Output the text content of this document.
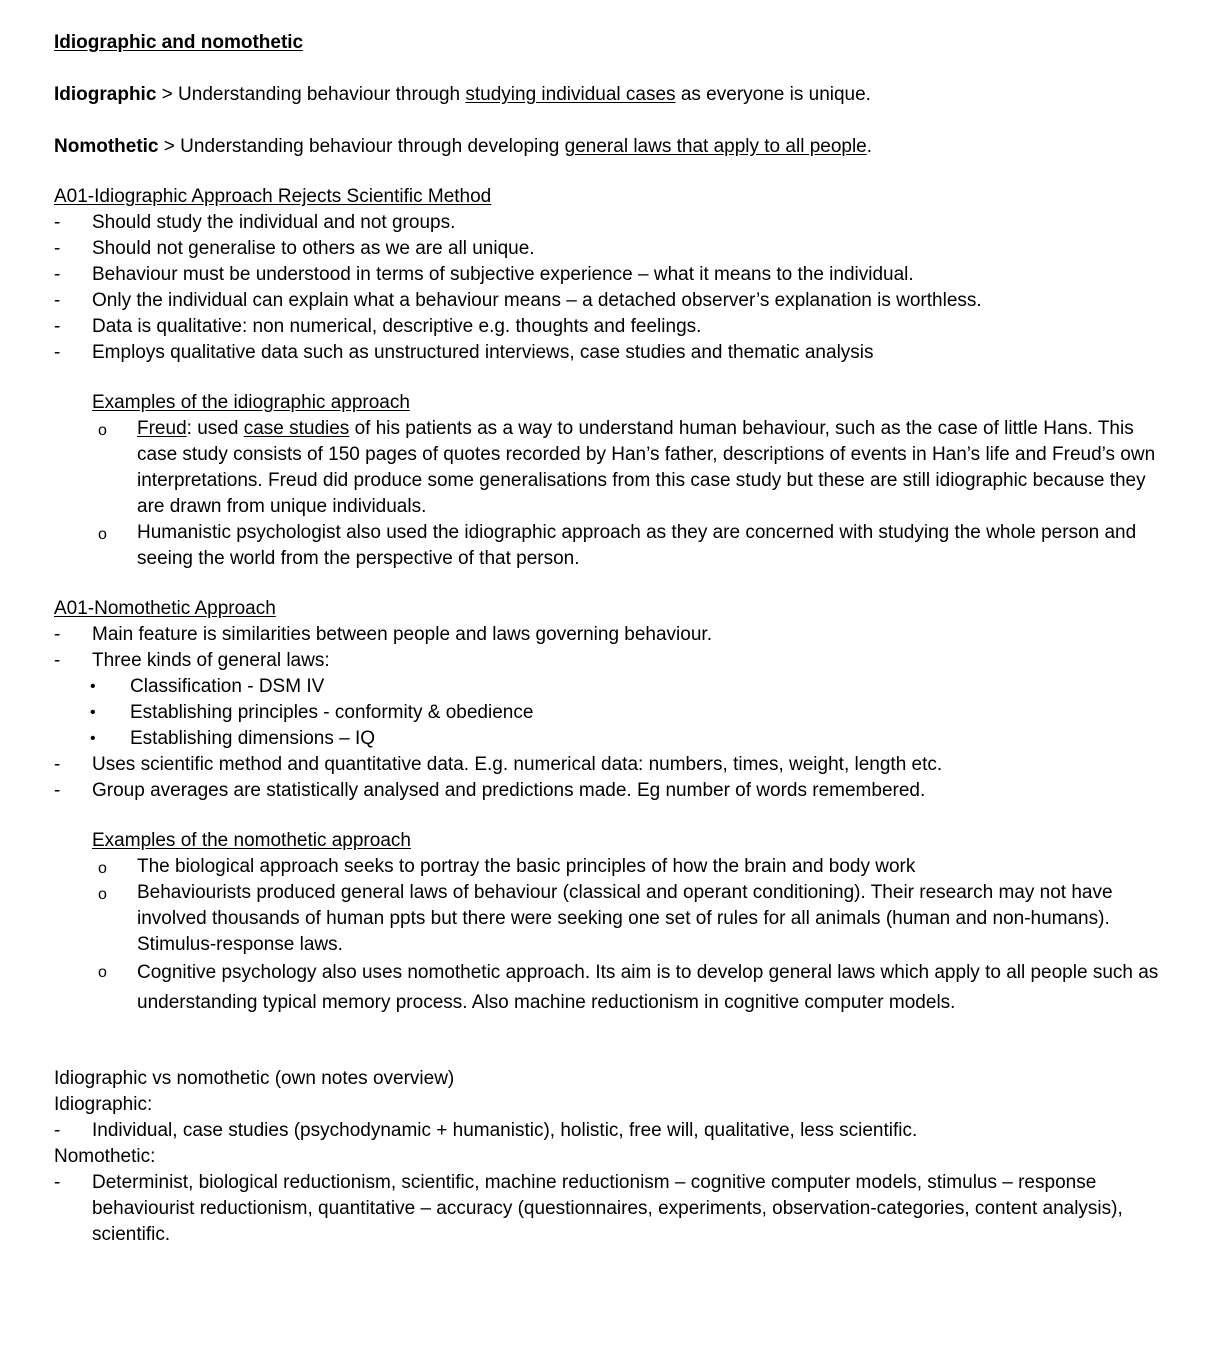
Idiographic and nomothetic
Idiographic > Understanding behaviour through studying individual cases as everyone is unique.
Nomothetic > Understanding behaviour through developing general laws that apply to all people.
A01-Idiographic Approach Rejects Scientific Method
-	Should study the individual and not groups.
-	Should not generalise to others as we are all unique.
-	Behaviour must be understood in terms of subjective experience – what it means to the individual.
-	Only the individual can explain what a behaviour means – a detached observer’s explanation is worthless.
-	Data is qualitative: non numerical, descriptive e.g. thoughts and feelings.
-	Employs qualitative data such as unstructured interviews, case studies and thematic analysis
Examples of the idiographic approach
o Freud: used case studies of his patients as a way to understand human behaviour, such as the case of little Hans. This case study consists of 150 pages of quotes recorded by Han’s father, descriptions of events in Han’s life and Freud’s own interpretations. Freud did produce some generalisations from this case study but these are still idiographic because they are drawn from unique individuals.
o Humanistic psychologist also used the idiographic approach as they are concerned with studying the whole person and seeing the world from the perspective of that person.
A01-Nomothetic Approach
-	Main feature is similarities between people and laws governing behaviour.
-	Three kinds of general laws:
• Classification - DSM IV
• Establishing principles - conformity & obedience
• Establishing dimensions – IQ
-	Uses scientific method and quantitative data. E.g. numerical data: numbers, times, weight, length etc.
-	Group averages are statistically analysed and predictions made. Eg number of words remembered.
Examples of the nomothetic approach
o The biological approach seeks to portray the basic principles of how the brain and body work
o Behaviourists produced general laws of behaviour (classical and operant conditioning). Their research may not have involved thousands of human ppts but there were seeking one set of rules for all animals (human and non-humans). Stimulus-response laws.
o Cognitive psychology also uses nomothetic approach. Its aim is to develop general laws which apply to all people such as understanding typical memory process. Also machine reductionism in cognitive computer models.
Idiographic vs nomothetic (own notes overview)
Idiographic:
-	Individual, case studies (psychodynamic + humanistic), holistic, free will, qualitative, less scientific.
Nomothetic:
-	Determinist, biological reductionism, scientific, machine reductionism – cognitive computer models, stimulus – response behaviourist reductionism, quantitative – accuracy (questionnaires, experiments, observation-categories, content analysis), scientific.
